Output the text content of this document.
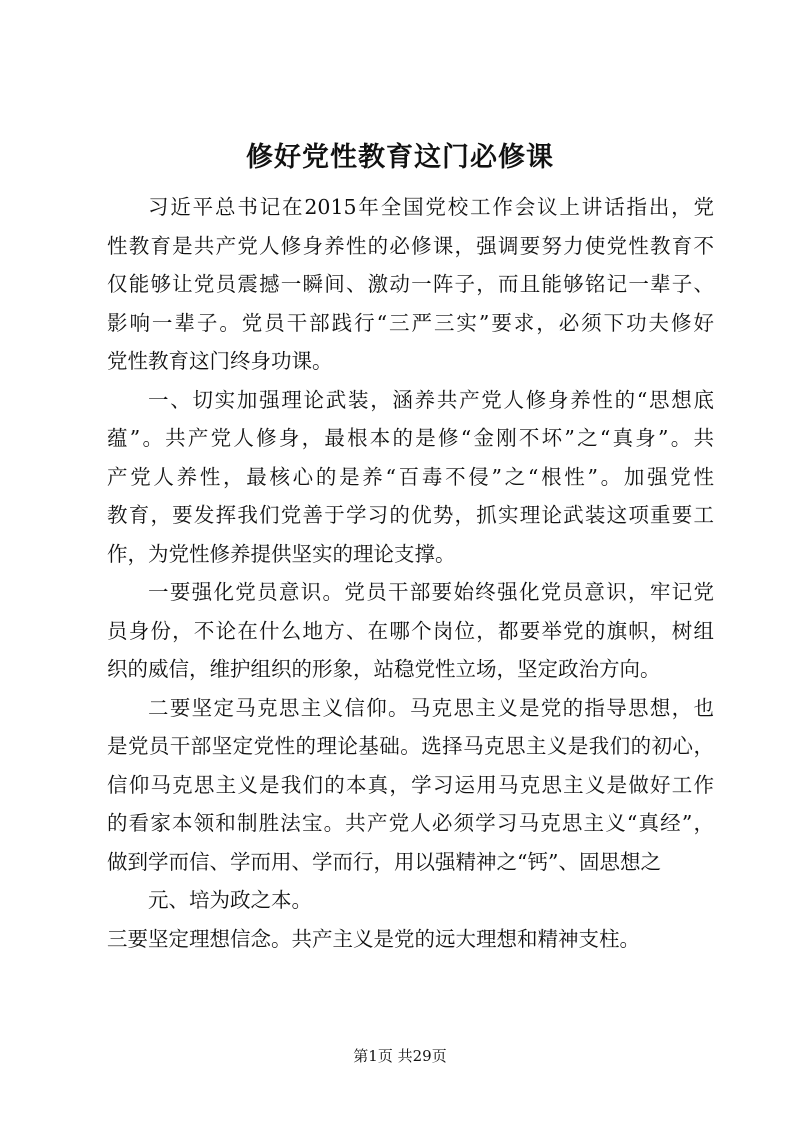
修好党性教育这门必修课

习近平总书记在2015年全国党校工作会议上讲话指出，党
性教育是共产党人修身养性的必修课，强调要努力使党性教育不
仅能够让党员震撼一瞬间、激动一阵子，而且能够铭记一辈子、
影响一辈子。党员干部践行“三严三实”要求，必须下功夫修好
党性教育这门终身功课。

一、切实加强理论武装，涵养共产党人修身养性的“思想底
蕴”。共产党人修身，最根本的是修“金刚不坏”之“真身”。共
产党人养性，最核心的是养“百毒不侵”之“根性”。加强党性
教育，要发挥我们党善于学习的优势，抓实理论武装这项重要工
作，为党性修养提供坚实的理论支撑。

一要强化党员意识。党员干部要始终强化党员意识，牢记党
员身份，不论在什么地方、在哪个岗位，都要举党的旗帜，树组
织的威信，维护组织的形象，站稳党性立场，坚定政治方向。

二要坚定马克思主义信仰。马克思主义是党的指导思想，也
是党员干部坚定党性的理论基础。选择马克思主义是我们的初心，
信仰马克思主义是我们的本真，学习运用马克思主义是做好工作
的看家本领和制胜法宝。共产党人必须学习马克思主义“真经”，
做到学而信、学而用、学而行，用以强精神之“钙”、固思想之

元、培为政之本。

三要坚定理想信念。共产主义是党的远大理想和精神支柱。

第1页 共29页
